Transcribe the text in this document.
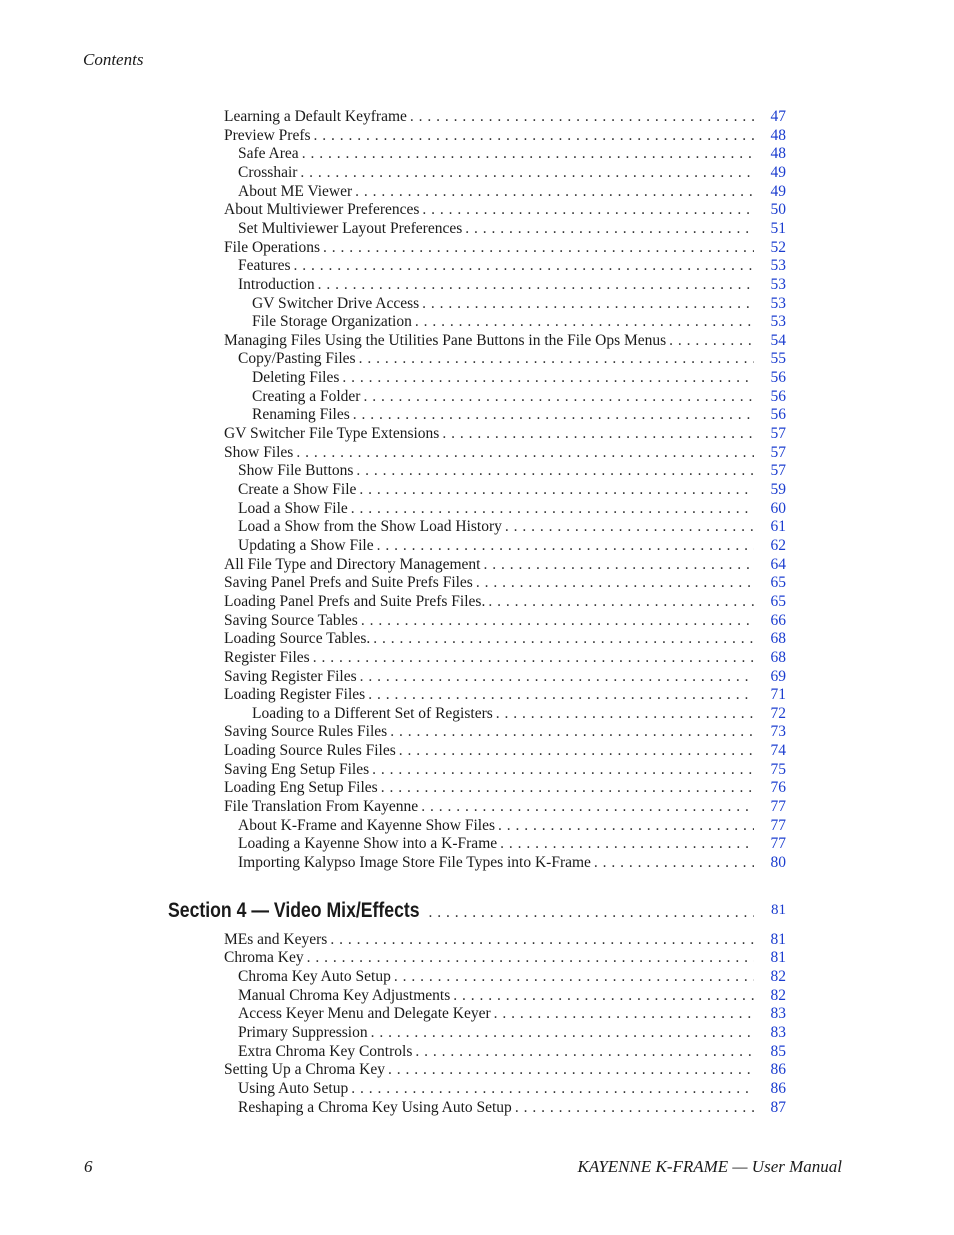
Contents
Learning a Default Keyframe . . .	47
Preview Prefs . . .	48
Safe Area . . .	48
Crosshair . . .	49
About ME Viewer . . .	49
About Multiviewer Preferences . . .	50
Set Multiviewer Layout Preferences . . .	51
File Operations . . .	52
Features . . .	53
Introduction . . .	53
GV Switcher Drive Access . . .	53
File Storage Organization . . .	53
Managing Files Using the Utilities Pane Buttons in the File Ops Menus . . .	54
Copy/Pasting Files . . .	55
Deleting Files . . .	56
Creating a Folder . . .	56
Renaming Files . . .	56
GV Switcher File Type Extensions . . .	57
Show Files . . .	57
Show File Buttons . . .	57
Create a Show File . . .	59
Load a Show File . . .	60
Load a Show from the Show Load History . . .	61
Updating a Show File . . .	62
All File Type and Directory Management . . .	64
Saving Panel Prefs and Suite Prefs Files . . .	65
Loading Panel Prefs and Suite Prefs Files. . . .	65
Saving Source Tables . . .	66
Loading Source Tables. . . .	68
Register Files . . .	68
Saving Register Files . . .	69
Loading Register Files . . .	71
Loading to a Different Set of Registers . . .	72
Saving Source Rules Files . . .	73
Loading Source Rules Files . . .	74
Saving Eng Setup Files . . .	75
Loading Eng Setup Files . . .	76
File Translation From Kayenne . . .	77
About K-Frame and Kayenne Show Files . . .	77
Loading a Kayenne Show into a K-Frame . . .	77
Importing Kalypso Image Store File Types into K-Frame . . .	80
Section 4 — Video Mix/Effects . . .	81
MEs and Keyers . . .	81
Chroma Key . . .	81
Chroma Key Auto Setup . . .	82
Manual Chroma Key Adjustments . . .	82
Access Keyer Menu and Delegate Keyer . . .	83
Primary Suppression . . .	83
Extra Chroma Key Controls . . .	85
Setting Up a Chroma Key . . .	86
Using Auto Setup . . .	86
Reshaping a Chroma Key Using Auto Setup . . .	87
6	KAYENNE K-FRAME — User Manual
